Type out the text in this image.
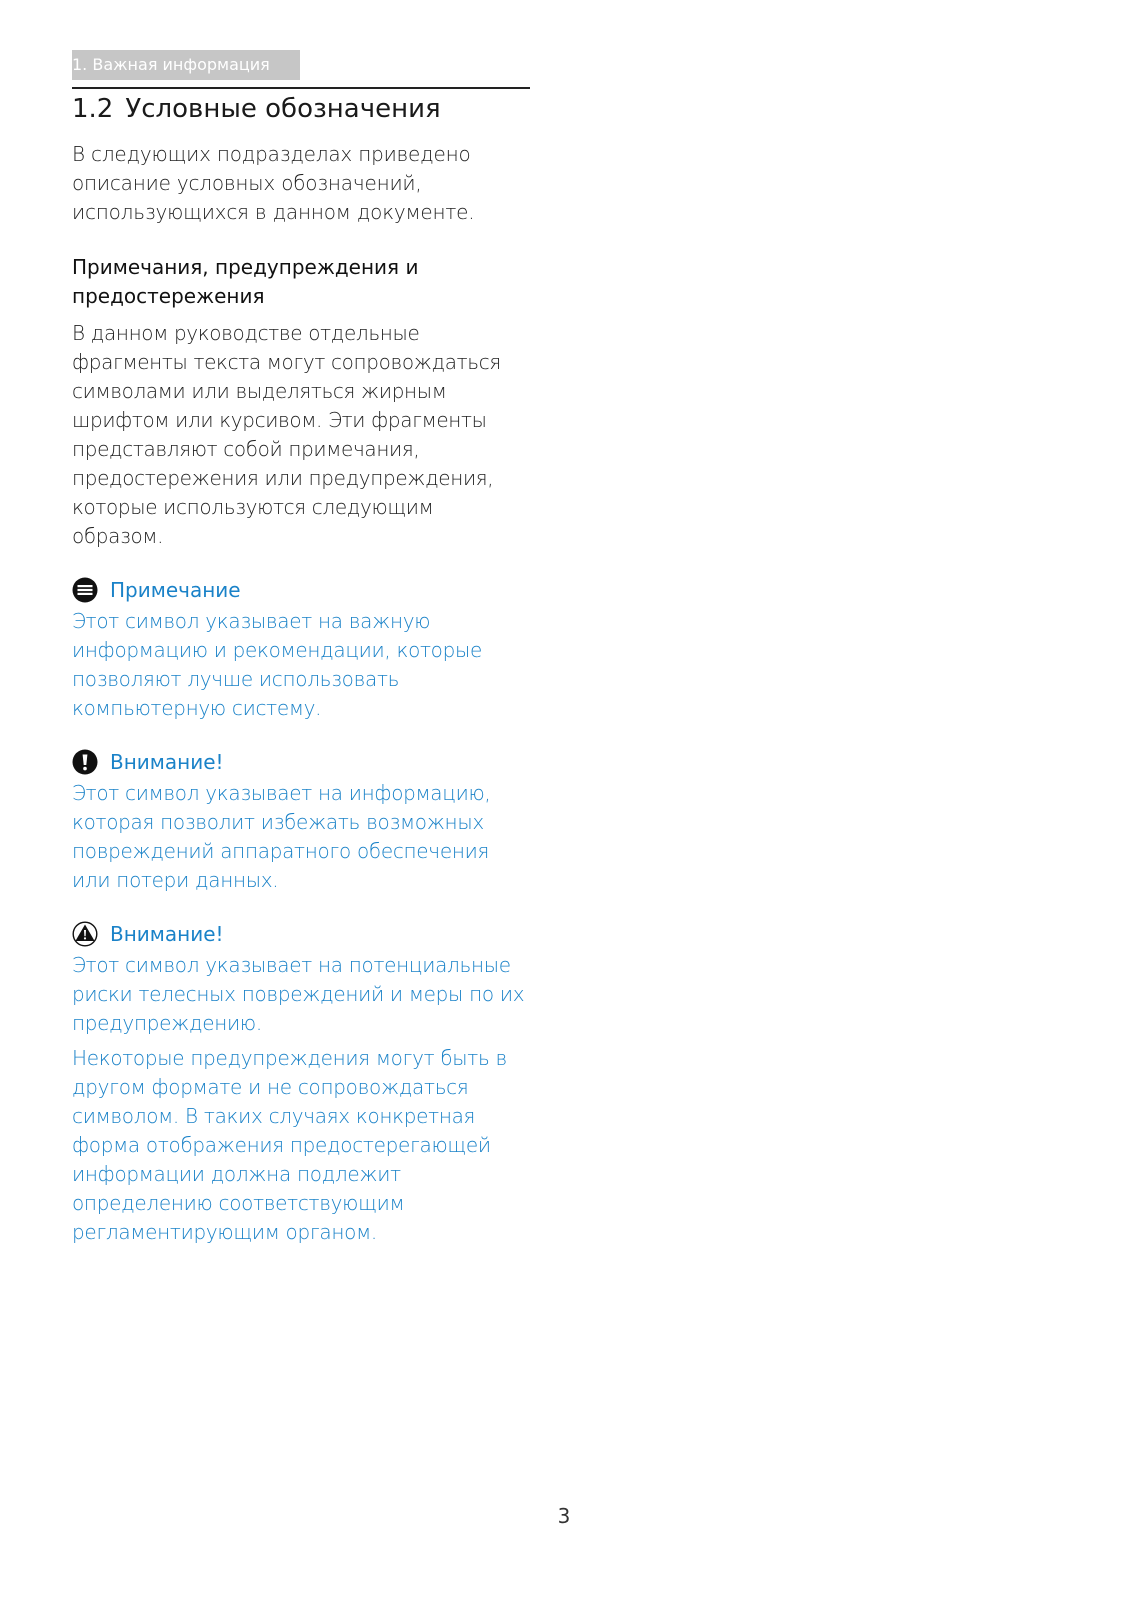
1. Важная информация
1.2 Условные обозначения

В следующих подразделах приведено описание условных обозначений, использующихся в данном документе.

Примечания, предупреждения и предостережения

В данном руководстве отдельные фрагменты текста могут сопровождаться символами или выделяться жирным шрифтом или курсивом. Эти фрагменты представляют собой примечания, предостережения или предупреждения, которые используются следующим образом.

Примечание

Этот символ указывает на важную информацию и рекомендации, которые позволяют лучше использовать компьютерную систему.

Внимание!

Этот символ указывает на информацию, которая позволит избежать возможных повреждений аппаратного обеспечения или потери данных.

Внимание!

Этот символ указывает на потенциальные риски телесных повреждений и меры по их предупреждению.

Некоторые предупреждения могут быть в другом формате и не сопровождаться символом. В таких случаях конкретная форма отображения предостерегающей информации должна подлежит определению соответствующим регламентирующим органом.

3
